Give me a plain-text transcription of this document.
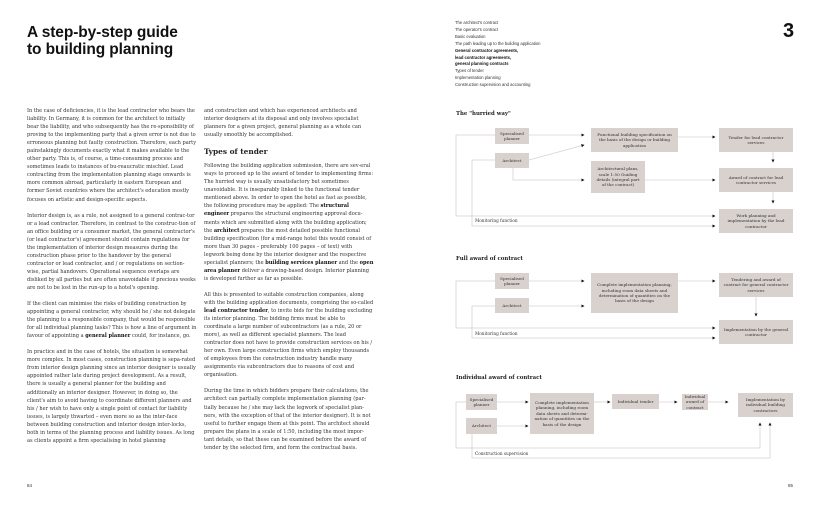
A step-by-step guide
to building planning

In the case of deficiencies, it is the lead contractor who bears the liability. In Germany, it is common for the architect to initially bear the liability, and who subsequently has the re-sponsibility of proving to the implementing party that a given error is not due to erroneous planning but faulty construction. Therefore, each party painstakingly documents exactly what it makes available to the other party. This is, of course, a time-consuming process and sometimes leads to instances of bu-reaucratic mischief. Lead contracting from the implementation planning stage onwards is more common abroad, particularly in eastern European and former Soviet countries where the architect's education mostly focuses on artistic and design-specific aspects.

Interior design is, as a rule, not assigned to a general contrac-tor or a lead contractor. Therefore, in contrast to the construc-tion of an office building or a consumer market, the general contractor's (or lead contractor's) agreement should contain regulations for the implementation of interior design measures during the construction phase prior to the handover by the general contractor or lead contractor, and / or regulations on section-wise, partial handovers. Operational sequence overlaps are disliked by all parties but are often unavoidable if precious weeks are not to be lost in the run-up to a hotel's opening.

If the client can minimise the risks of building construction by appointing a general contractor, why should he / she not delegate the planning to a responsible company, that would be responsible for all individual planning tasks? This is how a line of argument in favour of appointing a general planner could, for instance, go.

In practice and in the case of hotels, the situation is somewhat more complex. In most cases, construction planning is sepa-rated from interior design planning since an interior designer is usually appointed rather late during project development. As a result, there is usually a general planner for the building and additionally an interior designer. However, in doing so, the client's aim to avoid having to coordinate different planners and his / her wish to have only a single point of contact for liability issues, is largely thwarted – even more so as the inter-face between building construction and interior design inter-locks, both in terms of the planning process and liability issues. As long as clients appoint a firm specialising in hotel planning

and construction and which has experienced architects and interior designers at its disposal and only involves specialist planners for a given project, general planning as a whole can usually smoothly be accomplished.

Types of tender

Following the building application submission, there are sev-eral ways to proceed up to the award of tender to implementing firms: The hurried way is usually unsatisfactory but sometimes unavoidable. It is inseparably linked to the functional tender mentioned above. In order to open the hotel as fast as possible, the following procedure may be applied: The structural engineer prepares the structural engineering approval docu-ments which are submitted along with the building application; the architect prepares the most detailed possible functional building specification (for a mid-range hotel this would consist of more than 30 pages – preferably 100 pages – of text) with legwork being done by the interior designer and the respective specialist planners; the building services planner and the open area planner deliver a drawing-based design. Interior planning is developed further as far as possible.

All this is presented to suitable construction companies, along with the building application documents, comprising the so-called lead contractor tender, to invite bids for the building excluding its interior planning. The bidding firms must be able to coordinate a large number of subcontractors (as a rule, 20 or more), as well as different specialist planners. The lead contractor does not have to provide construction services on his / her own. Even large construction firms which employ thousands of employees from the construction industry handle many assignments via subcontractors due to reasons of cost and organisation.

During the time in which bidders prepare their calculations, the architect can partially complete implementation planning (par-tially because he / she may lack the legwork of specialist plan-ners, with the exception of that of the interior designer). It is not useful to further engage them at this point. The architect should prepare the plans in a scale of 1:50, including the most impor-tant details, so that these can be examined before the award of tender by the selected firm, and form the contractual basis.

84
The architect's contract
The operator's contract
Basic evaluation
The path leading up to the building application
General contractor agreements,
lead contractor agreements,
general planning contracts
Types of tender
Implementation planning
Construction supervision and accounting
3
The "hurried way"
Specialised planner
Architect
Functional building specification on the basis of the design or building application
Architectural plans, scale 1:50 Guiding details (integral part of the contract)
Tender for lead contractor services
Award of contract for lead contractor services
Work planning and implementation by the lead contractor
Monitoring function
Full award of contract
Specialised planner
Architect
Complete implementation planning, including room data sheets and determination of quantities on the basis of the design
Tendering and award of contract for general contractor services
Implementation by the general contractor
Monitoring function
Individual award of contract
Specialised planner
Architect
Complete implementation planning, including room data sheets and determi-nation of quantities on the basis of the design
Individual tender
Individual award of contract
Implementation by individual building contractors
Construction supervision
85
